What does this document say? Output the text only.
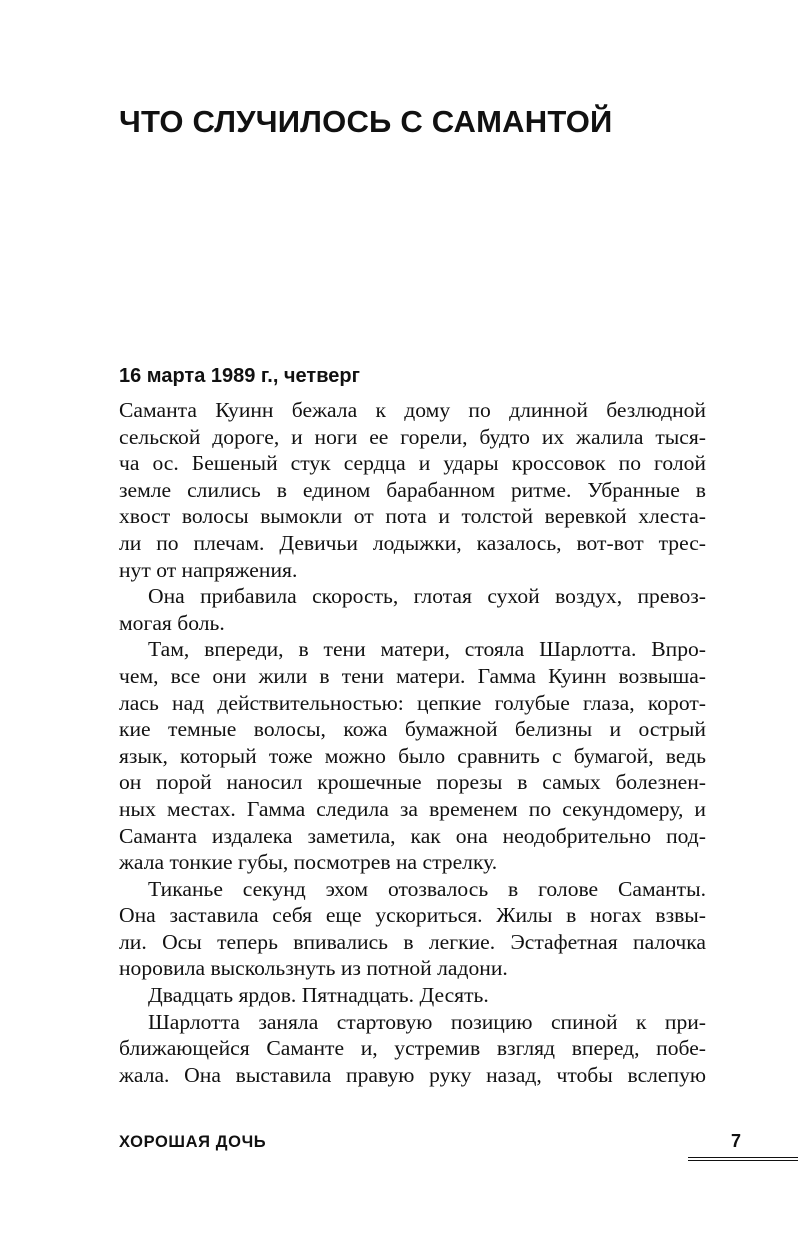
ЧТО СЛУЧИЛОСЬ С САМАНТОЙ
16 марта 1989 г., четверг
Саманта Куинн бежала к дому по длинной безлюдной
сельской дороге, и ноги ее горели, будто их жалила тыся-
ча ос. Бешеный стук сердца и удары кроссовок по голой
земле слились в едином барабанном ритме. Убранные в
хвост волосы вымокли от пота и толстой веревкой хлеста-
ли по плечам. Девичьи лодыжки, казалось, вот-вот трес-
нут от напряжения.
Она прибавила скорость, глотая сухой воздух, превоз-
могая боль.
Там, впереди, в тени матери, стояла Шарлотта. Впро-
чем, все они жили в тени матери. Гамма Куинн возвыша-
лась над действительностью: цепкие голубые глаза, корот-
кие темные волосы, кожа бумажной белизны и острый
язык, который тоже можно было сравнить с бумагой, ведь
он порой наносил крошечные порезы в самых болезнен-
ных местах. Гамма следила за временем по секундомеру, и
Саманта издалека заметила, как она неодобрительно под-
жала тонкие губы, посмотрев на стрелку.
Тиканье секунд эхом отозвалось в голове Саманты.
Она заставила себя еще ускориться. Жилы в ногах взвы-
ли. Осы теперь впивались в легкие. Эстафетная палочка
норовила выскользнуть из потной ладони.
Двадцать ярдов. Пятнадцать. Десять.
Шарлотта заняла стартовую позицию спиной к при-
ближающейся Саманте и, устремив взгляд вперед, побе-
жала. Она выставила правую руку назад, чтобы вслепую
ХОРОШАЯ ДОЧЬ	7
